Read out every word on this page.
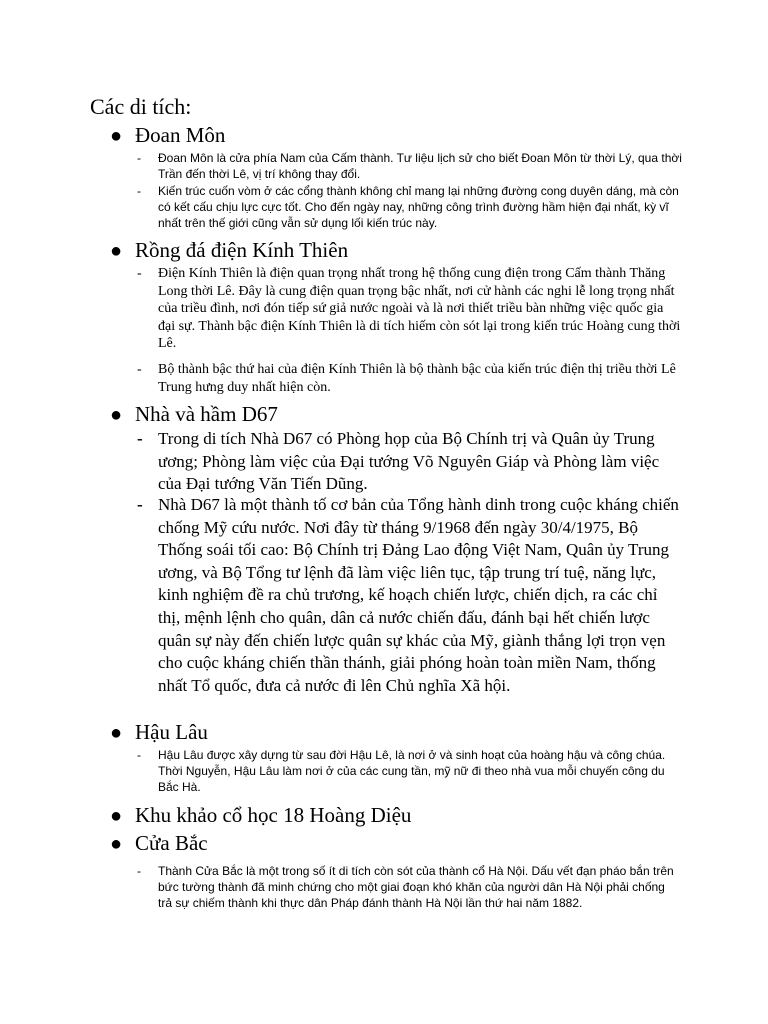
Các di tích:
● Đoan Môn

- Đoan Môn là cửa phía Nam của Cấm thành. Tư liệu lịch sử cho biết Đoan Môn từ thời Lý, qua thời Trần đến thời Lê, vị trí không thay đổi.

- Kiến trúc cuốn vòm ở các cổng thành không chỉ mang lại những đường cong duyên dáng, mà còn có kết cấu chịu lực cực tốt. Cho đến ngày nay, những công trình đường hầm hiện đại nhất, kỳ vĩ nhất trên thế giới cũng vẫn sử dụng lối kiến trúc này.

● Rồng đá điện Kính Thiên

- Điện Kính Thiên là điện quan trọng nhất trong hệ thống cung điện trong Cấm thành Thăng Long thời Lê. Đây là cung điện quan trọng bậc nhất, nơi cử hành các nghi lễ long trọng nhất của triều đình, nơi đón tiếp sứ giả nước ngoài và là nơi thiết triều bàn những việc quốc gia đại sự. Thành bậc điện Kính Thiên là di tích hiếm còn sót lại trong kiến trúc Hoàng cung thời Lê.

- Bộ thành bậc thứ hai của điện Kính Thiên là bộ thành bậc của kiến trúc điện thị triều thời Lê Trung hưng duy nhất hiện còn.

● Nhà và hầm D67

- Trong di tích Nhà D67 có Phòng họp của Bộ Chính trị và Quân ủy Trung ương; Phòng làm việc của Đại tướng Võ Nguyên Giáp và Phòng làm việc của Đại tướng Văn Tiến Dũng.

- Nhà D67 là một thành tố cơ bản của Tổng hành dinh trong cuộc kháng chiến chống Mỹ cứu nước. Nơi đây từ tháng 9/1968 đến ngày 30/4/1975, Bộ Thống soái tối cao: Bộ Chính trị Đảng Lao động Việt Nam, Quân ủy Trung ương, và Bộ Tổng tư lệnh đã làm việc liên tục, tập trung trí tuệ, năng lực, kinh nghiệm đề ra chủ trương, kế hoạch chiến lược, chiến dịch, ra các chỉ thị, mệnh lệnh cho quân, dân cả nước chiến đấu, đánh bại hết chiến lược quân sự này đến chiến lược quân sự khác của Mỹ, giành thắng lợi trọn vẹn cho cuộc kháng chiến thần thánh, giải phóng hoàn toàn miền Nam, thống nhất Tổ quốc, đưa cả nước đi lên Chủ nghĩa Xã hội.

● Hậu Lâu

- Hậu Lâu được xây dựng từ sau đời Hậu Lê, là nơi ở và sinh hoạt của hoàng hậu và công chúa. Thời Nguyễn, Hậu Lâu làm nơi ở của các cung tần, mỹ nữ đi theo nhà vua mỗi chuyến công du Bắc Hà.

● Khu khảo cổ học 18 Hoàng Diệu
● Cửa Bắc

- Thành Cửa Bắc là một trong số ít di tích còn sót của thành cổ Hà Nội. Dấu vết đạn pháo bắn trên bức tường thành đã minh chứng cho một giai đoạn khó khăn của người dân Hà Nội phải chống trả sự chiếm thành khi thực dân Pháp đánh thành Hà Nội lần thứ hai năm 1882.
